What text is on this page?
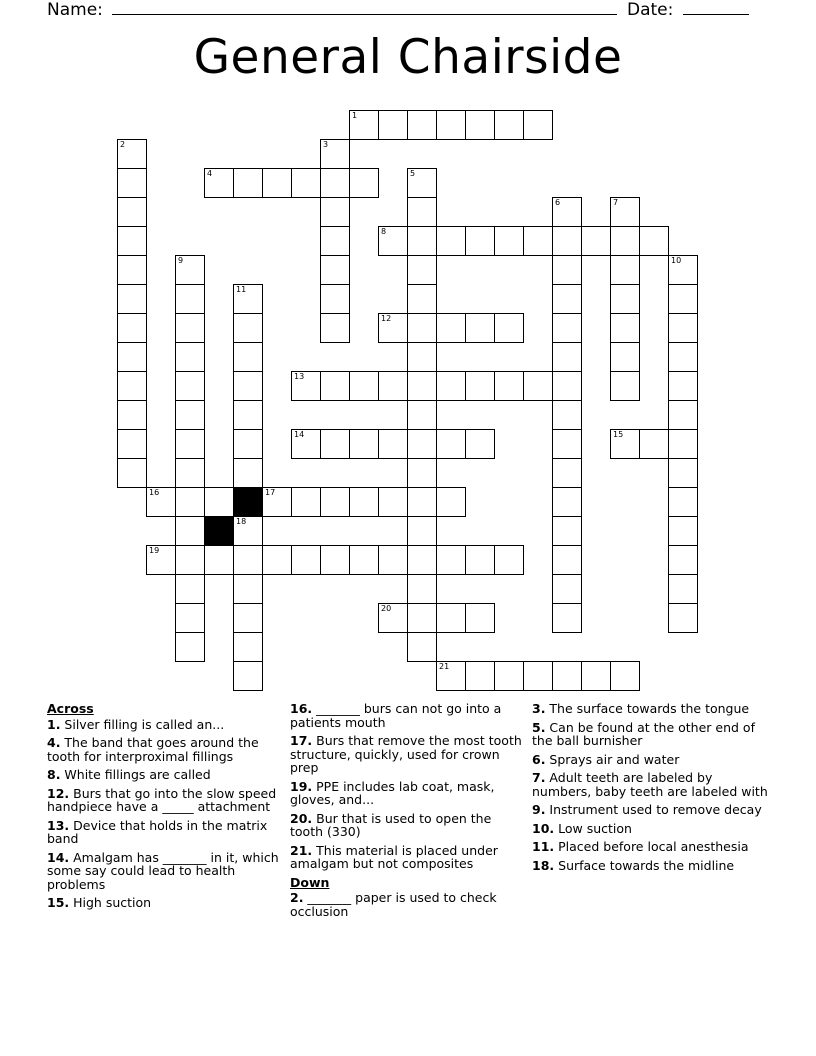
Name:	Date:
General Chairside
1
2	3
4	5
6	7
8
9	10
11
18
12
13
14	15
16	17
19
20
21
Across
1. Silver filling is called an...
4. The band that goes around the tooth for interproximal fillings
8. White fillings are called
12. Burs that go into the slow speed handpiece have a _____ attachment
13. Device that holds in the matrix band
14. Amalgam has _______ in it, which some say could lead to health problems
15. High suction
16. _______ burs can not go into a patients mouth
17. Burs that remove the most tooth structure, quickly, used for crown prep
19. PPE includes lab coat, mask, gloves, and...
20. Bur that is used to open the tooth (330)
21. This material is placed under amalgam but not composites
Down
2. _______ paper is used to check occlusion
3. The surface towards the tongue
5. Can be found at the other end of the ball burnisher
6. Sprays air and water
7. Adult teeth are labeled by numbers, baby teeth are labeled with
9. Instrument used to remove decay
10. Low suction
11. Placed before local anesthesia
18. Surface towards the midline
